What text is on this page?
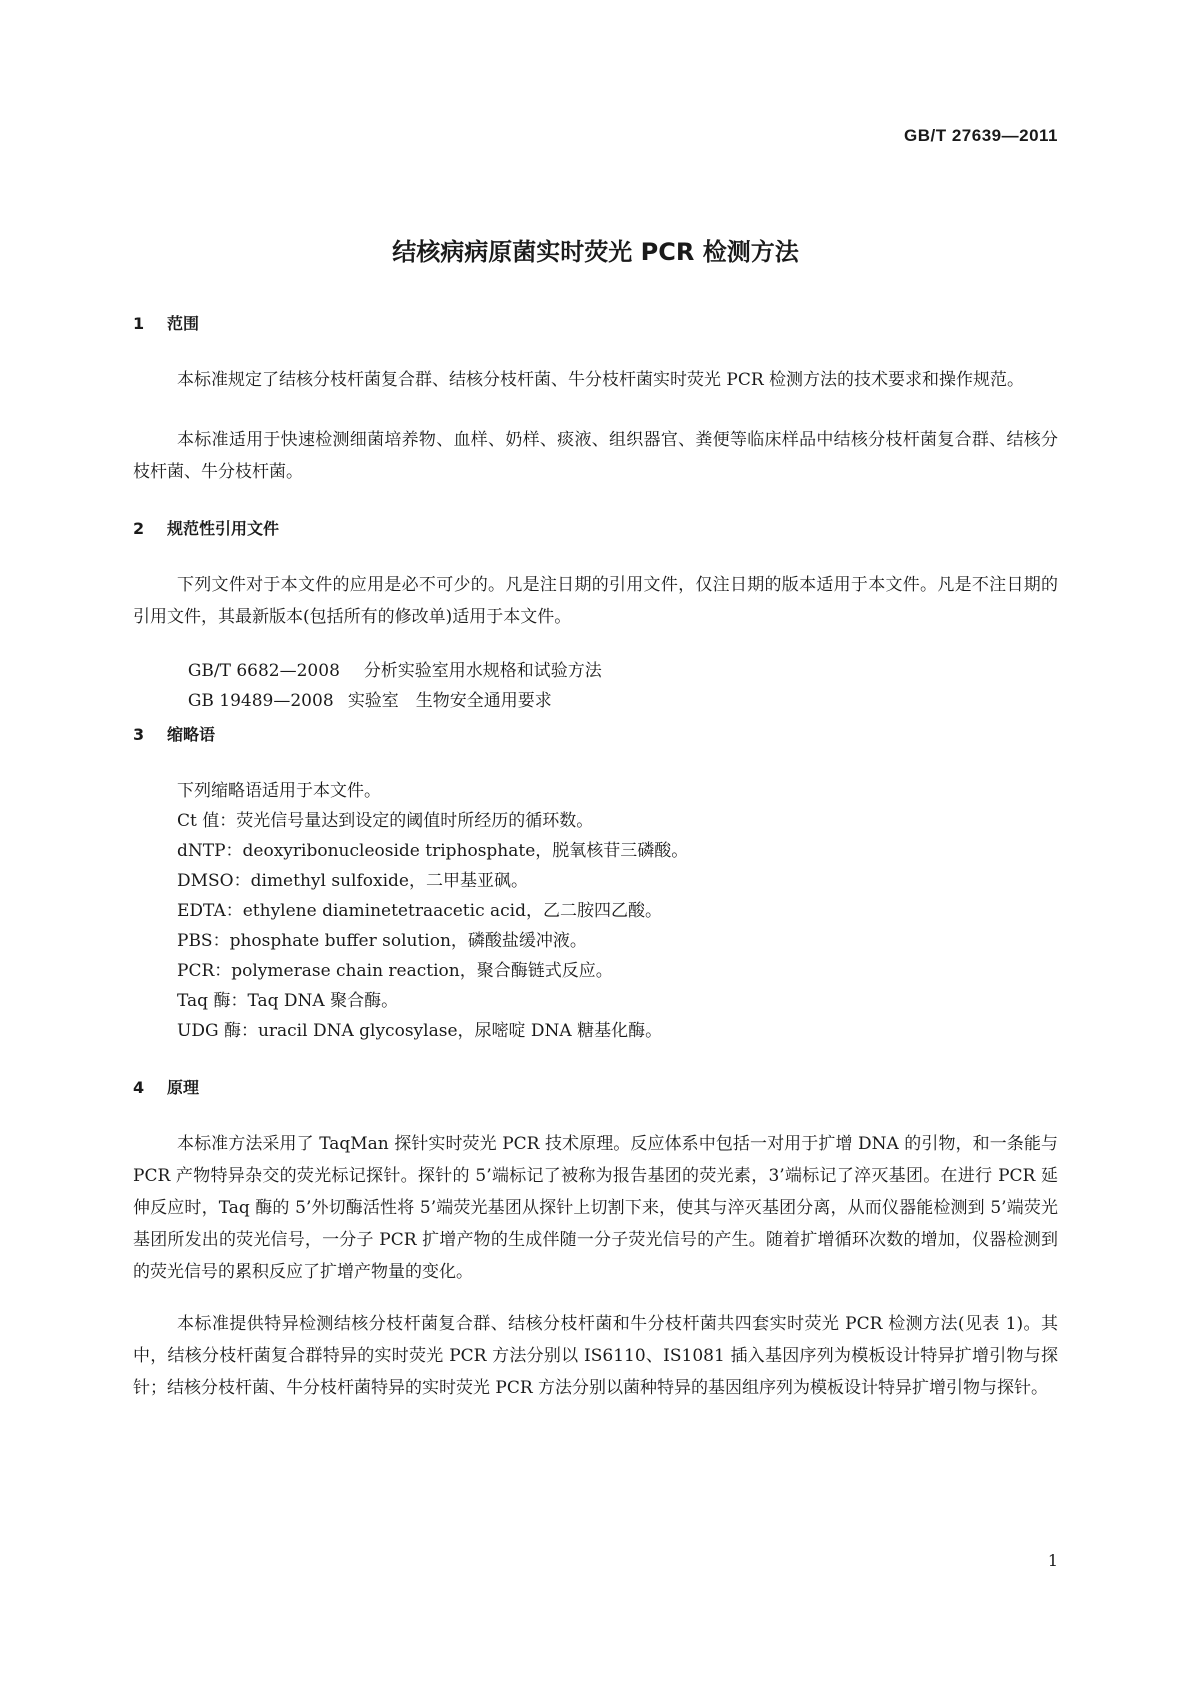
GB/T 27639—2011
结核病病原菌实时荧光 PCR 检测方法
1 范围

本标准规定了结核分枝杆菌复合群、结核分枝杆菌、牛分枝杆菌实时荧光 PCR 检测方法的技术要求和操作规范。

本标准适用于快速检测细菌培养物、血样、奶样、痰液、组织器官、粪便等临床样品中结核分枝杆菌复合群、结核分枝杆菌、牛分枝杆菌。

2 规范性引用文件

下列文件对于本文件的应用是必不可少的。凡是注日期的引用文件，仅注日期的版本适用于本文件。凡是不注日期的引用文件，其最新版本(包括所有的修改单)适用于本文件。

GB/T 6682—2008 分析实验室用水规格和试验方法

GB 19489—2008 实验室　生物安全通用要求

3 缩略语

下列缩略语适用于本文件。

Ct 值：荧光信号量达到设定的阈值时所经历的循环数。

dNTP：deoxyribonucleoside triphosphate，脱氧核苷三磷酸。

DMSO：dimethyl sulfoxide，二甲基亚砜。

EDTA：ethylene diaminetetraacetic acid，乙二胺四乙酸。

PBS：phosphate buffer solution，磷酸盐缓冲液。

PCR：polymerase chain reaction，聚合酶链式反应。

Taq 酶：Taq DNA 聚合酶。

UDG 酶：uracil DNA glycosylase，尿嘧啶 DNA 糖基化酶。

4 原理

本标准方法采用了 TaqMan 探针实时荧光 PCR 技术原理。反应体系中包括一对用于扩增 DNA 的引物，和一条能与 PCR 产物特异杂交的荧光标记探针。探针的 5’端标记了被称为报告基团的荧光素，3’端标记了淬灭基团。在进行 PCR 延伸反应时，Taq 酶的 5’外切酶活性将 5’端荧光基团从探针上切割下来，使其与淬灭基团分离，从而仪器能检测到 5’端荧光基团所发出的荧光信号，一分子 PCR 扩增产物的生成伴随一分子荧光信号的产生。随着扩增循环次数的增加，仪器检测到的荧光信号的累积反应了扩增产物量的变化。

本标准提供特异检测结核分枝杆菌复合群、结核分枝杆菌和牛分枝杆菌共四套实时荧光 PCR 检测方法(见表 1)。其中，结核分枝杆菌复合群特异的实时荧光 PCR 方法分别以 IS6110、IS1081 插入基因序列为模板设计特异扩增引物与探针；结核分枝杆菌、牛分枝杆菌特异的实时荧光 PCR 方法分别以菌种特异的基因组序列为模板设计特异扩增引物与探针。

1
